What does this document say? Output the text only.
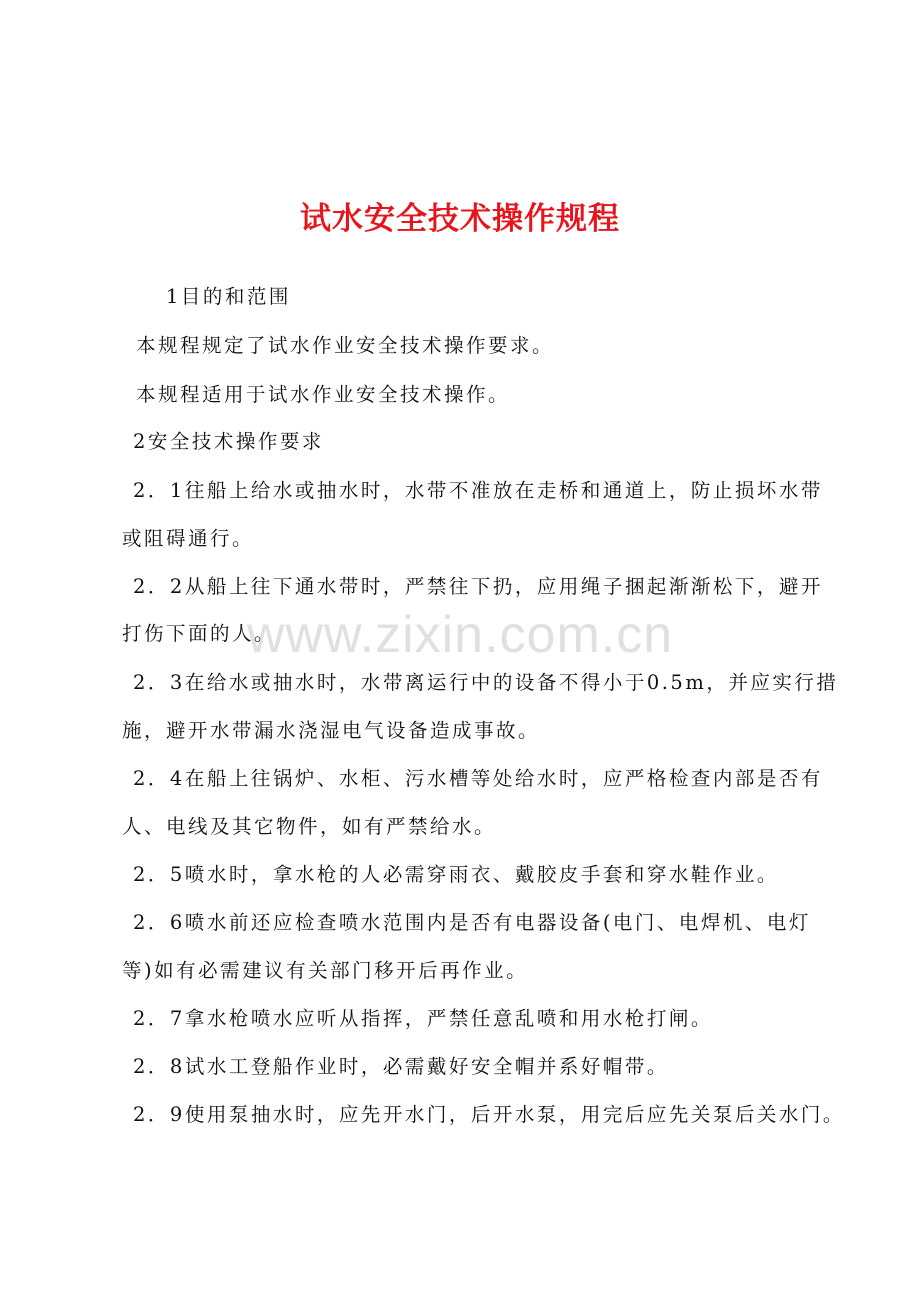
试水安全技术操作规程
www.zixin.com.cn

1目的和范围

本规程规定了试水作业安全技术操作要求。

本规程适用于试水作业安全技术操作。

2安全技术操作要求

2．1往船上给水或抽水时，水带不准放在走桥和通道上，防止损坏水带

或阻碍通行。

2．2从船上往下通水带时，严禁往下扔，应用绳子捆起渐渐松下，避开

打伤下面的人。

2．3在给水或抽水时，水带离运行中的设备不得小于0.5m，并应实行措

施，避开水带漏水浇湿电气设备造成事故。

2．4在船上往锅炉、水柜、污水槽等处给水时，应严格检查内部是否有

人、电线及其它物件，如有严禁给水。

2．5喷水时，拿水枪的人必需穿雨衣、戴胶皮手套和穿水鞋作业。

2．6喷水前还应检查喷水范围内是否有电器设备(电门、电焊机、电灯

等)如有必需建议有关部门移开后再作业。

2．7拿水枪喷水应听从指挥，严禁任意乱喷和用水枪打闸。

2．8试水工登船作业时，必需戴好安全帽并系好帽带。

2．9使用泵抽水时，应先开水门，后开水泵，用完后应先关泵后关水门。
